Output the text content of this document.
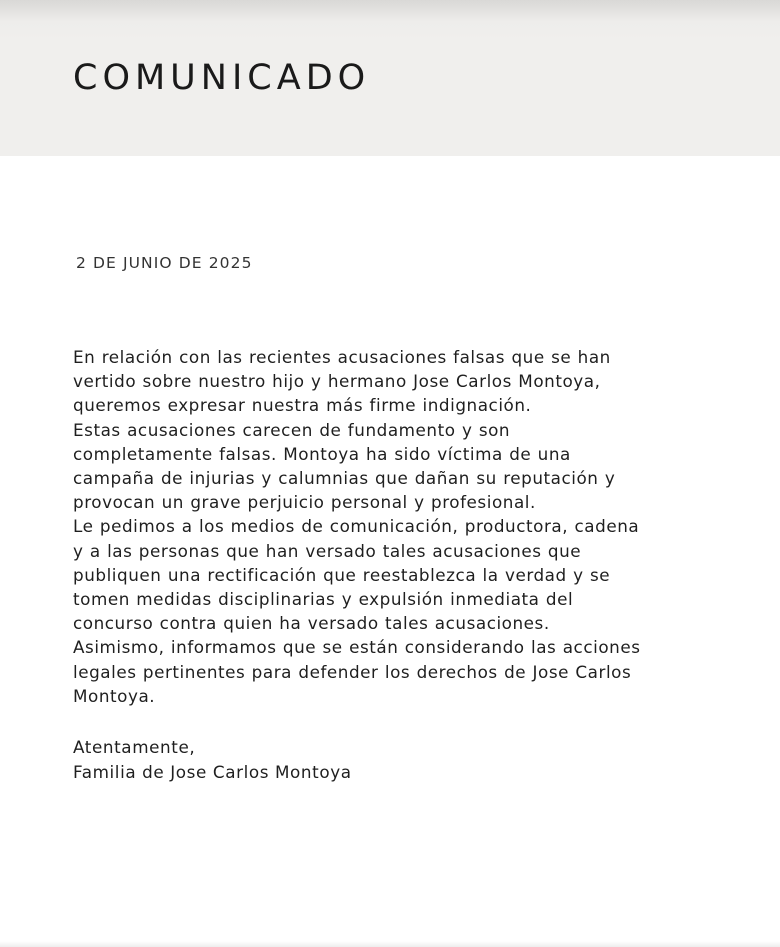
COMUNICADO

2 DE JUNIO DE 2025

En relación con las recientes acusaciones falsas que se han
vertido sobre nuestro hijo y hermano Jose Carlos Montoya,
queremos expresar nuestra más firme indignación.
Estas acusaciones carecen de fundamento y son
completamente falsas. Montoya ha sido víctima de una
campaña de injurias y calumnias que dañan su reputación y
provocan un grave perjuicio personal y profesional.
Le pedimos a los medios de comunicación, productora, cadena
y a las personas que han versado tales acusaciones que
publiquen una rectificación que reestablezca la verdad y se
tomen medidas disciplinarias y expulsión inmediata del
concurso contra quien ha versado tales acusaciones.
Asimismo, informamos que se están considerando las acciones
legales pertinentes para defender los derechos de Jose Carlos
Montoya.
Atentamente,
Familia de Jose Carlos Montoya
